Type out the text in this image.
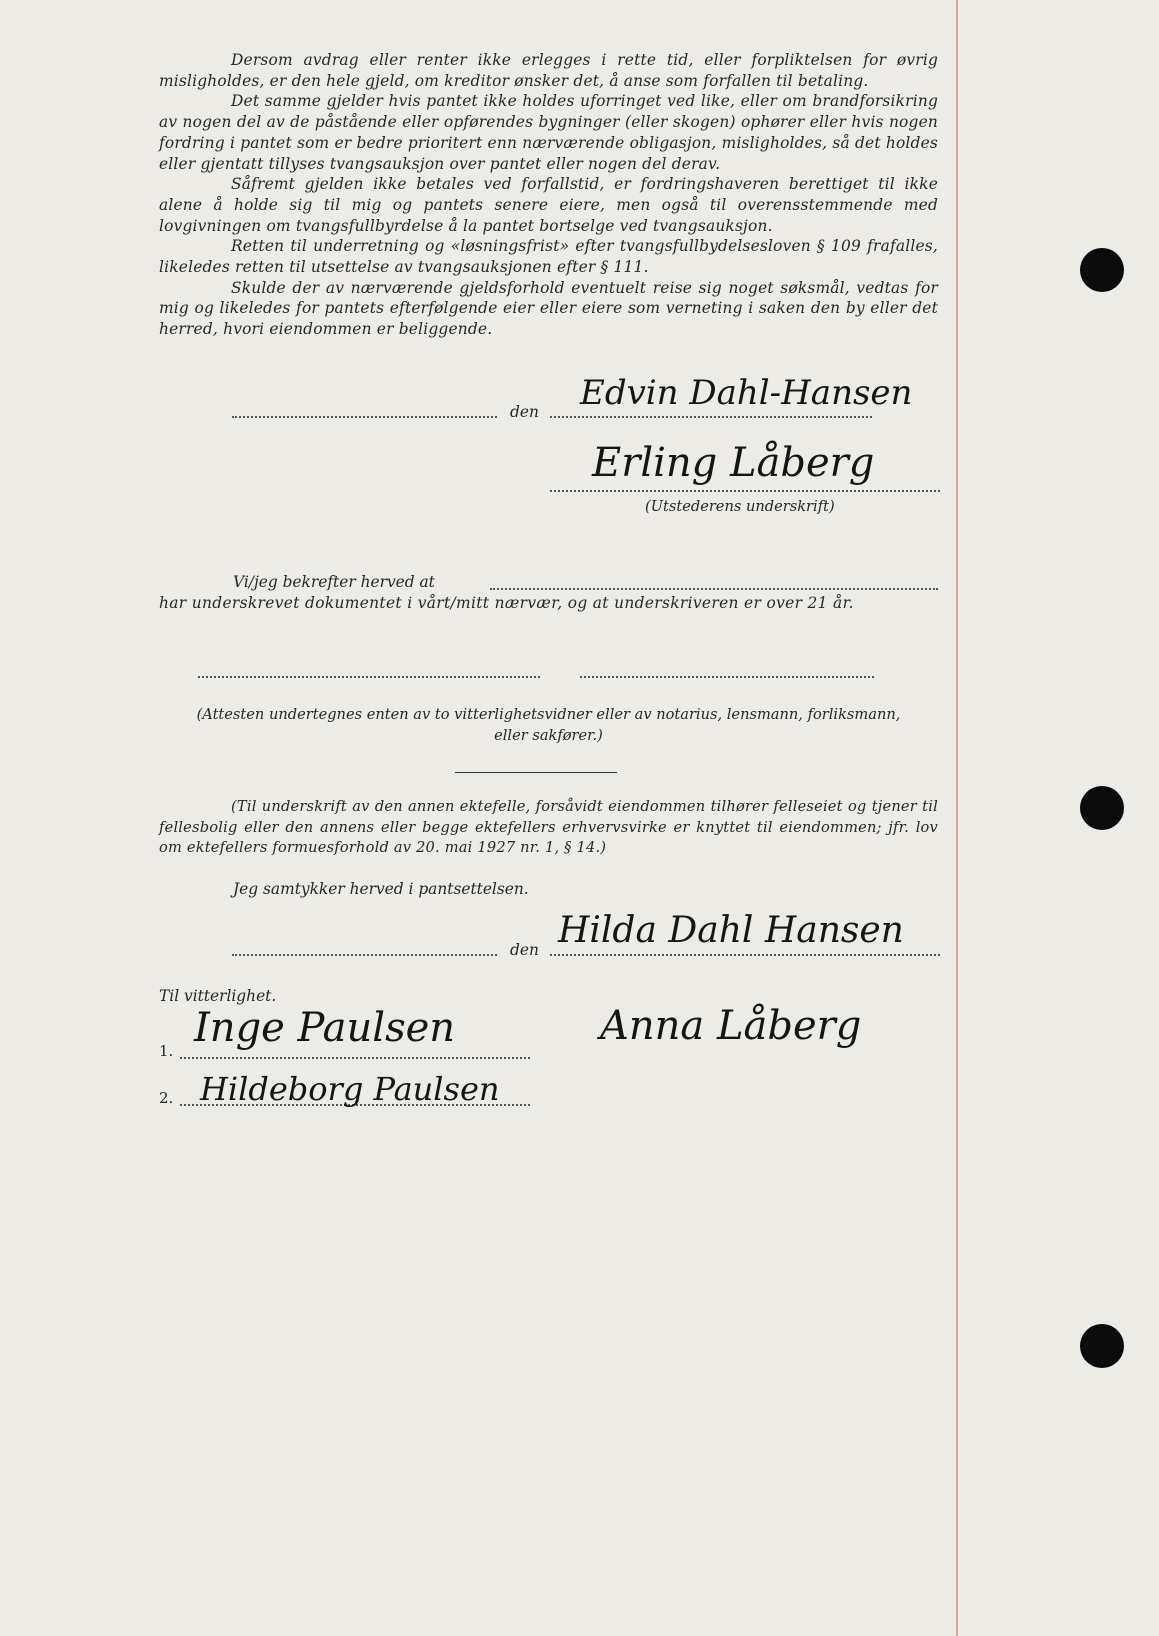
Dersom avdrag eller renter ikke erlegges i rette tid, eller forpliktelsen for øvrig misligholdes, er den hele gjeld, om kreditor ønsker det, å anse som forfallen til betaling.

Det samme gjelder hvis pantet ikke holdes uforringet ved like, eller om brandforsikring av nogen del av de påstående eller opførendes bygninger (eller skogen) ophører eller hvis nogen fordring i pantet som er bedre prioritert enn nærværende obligasjon, misligholdes, så det holdes eller gjentatt tillyses tvangsauksjon over pantet eller nogen del derav.

Såfremt gjelden ikke betales ved forfallstid, er fordringshaveren berettiget til ikke alene å holde sig til mig og pantets senere eiere, men også til overensstemmende med lovgivningen om tvangsfullbyrdelse å la pantet bortselge ved tvangsauksjon.

Retten til underretning og «løsningsfrist» efter tvangsfullbydelsesloven § 109 frafalles, likeledes retten til utsettelse av tvangsauksjonen efter § 111.

Skulde der av nærværende gjeldsforhold eventuelt reise sig noget søksmål, vedtas for mig og likeledes for pantets efterfølgende eier eller eiere som verneting i saken den by eller det herred, hvori eiendommen er beliggende.

den Edvin Dahl-Hansen
Erling Låberg
(Utstederens underskrift)
Vi/jeg bekrefter herved at
har underskrevet dokumentet i vårt/mitt nærvær, og at underskriveren er over 21 år.
(Attesten undertegnes enten av to vitterlighetsvidner eller av notarius, lensmann, forliksmann,
eller sakfører.)

(Til underskrift av den annen ektefelle, forsåvidt eiendommen tilhører felleseiet og tjener til fellesbolig eller den annens eller begge ektefellers erhvervsvirke er knyttet til eiendommen; jfr. lov om ektefellers formuesforhold av 20. mai 1927 nr. 1, § 14.)

Jeg samtykker herved i pantsettelsen.
den Hilda Dahl Hansen
Til vitterlighet.
1. Inge Paulsen
2. Hildeborg Paulsen
Anna Låberg
